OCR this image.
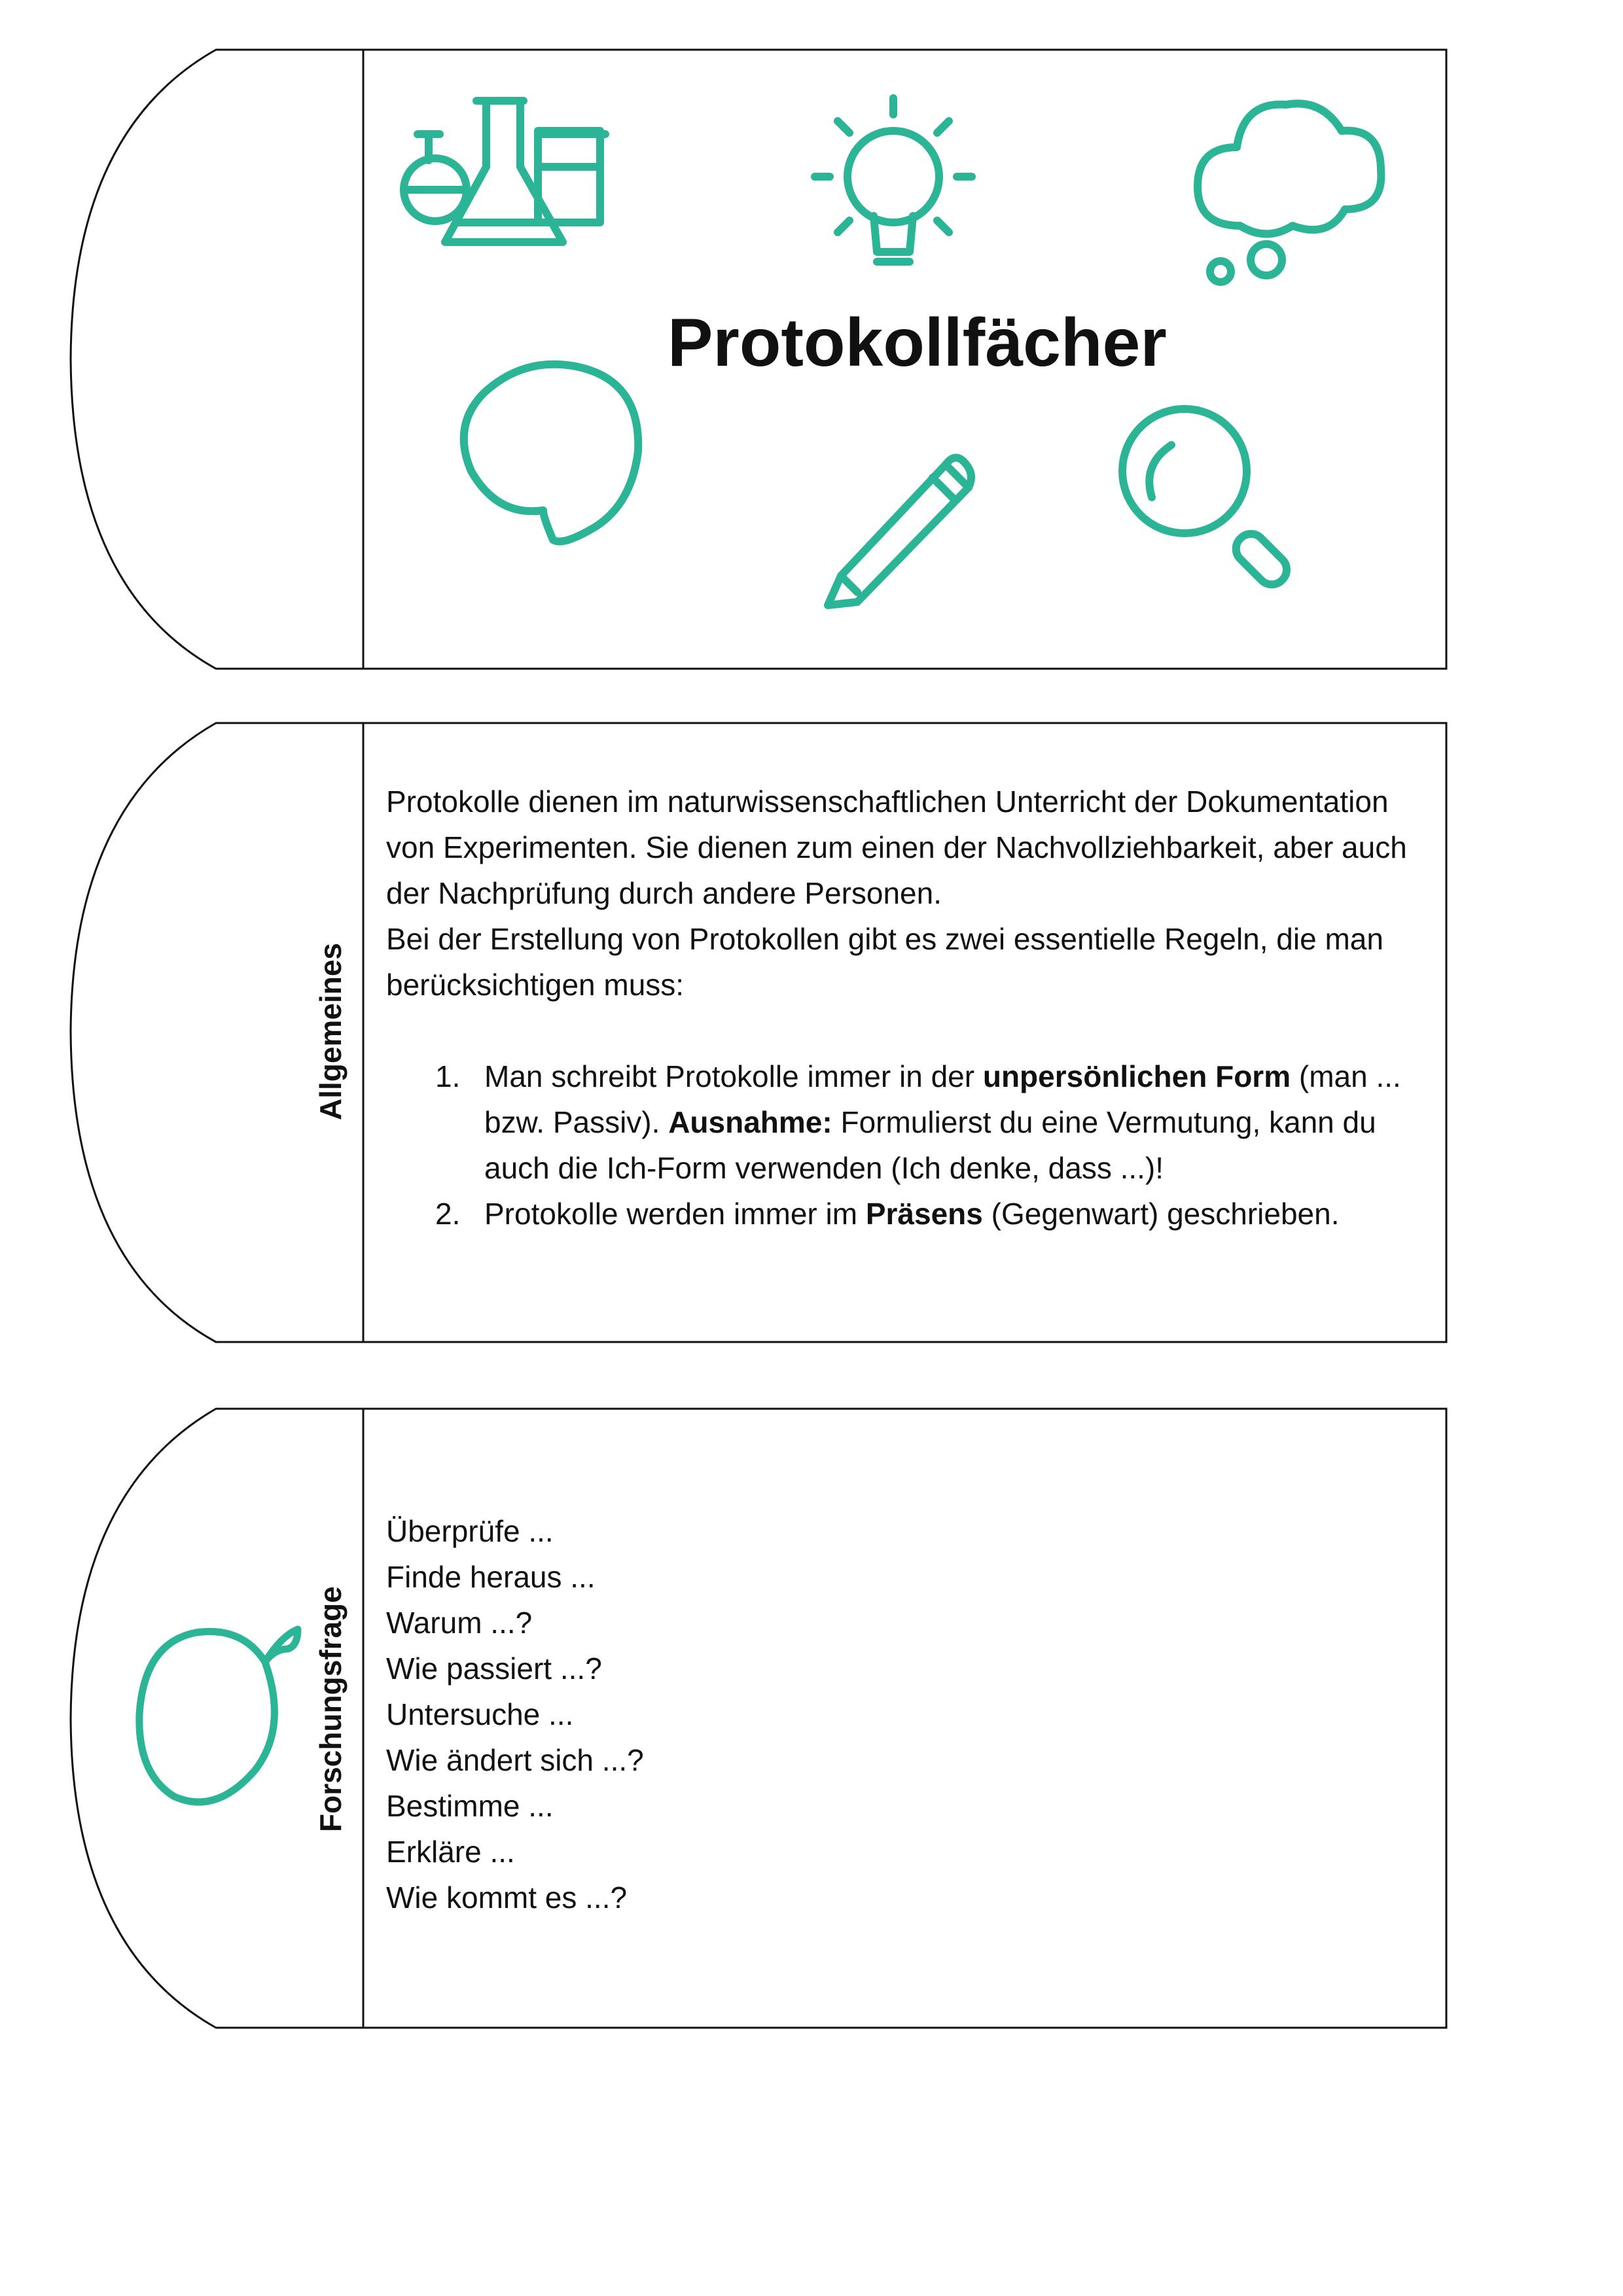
Protokollfächer
Allgemeines

Protokolle dienen im naturwissenschaftlichen Unterricht der Dokumentation von Experimenten. Sie dienen zum einen der Nachvollziehbarkeit, aber auch der Nachprüfung durch andere Personen.

Bei der Erstellung von Protokollen gibt es zwei essentielle Regeln, die man berücksichtigen muss:

1. Man schreibt Protokolle immer in der unpersönlichen Form (man ... bzw. Passiv). Ausnahme: Formulierst du eine Vermutung, kann du auch die Ich-Form verwenden (Ich denke, dass ...)!
2. Protokolle werden immer im Präsens (Gegenwart) geschrieben.
Forschungsfrage

Überprüfe ...

Finde heraus ...

Warum ...?

Wie passiert ...?

Untersuche ...

Wie ändert sich ...?

Bestimme ...

Erkläre ...

Wie kommt es ...?
